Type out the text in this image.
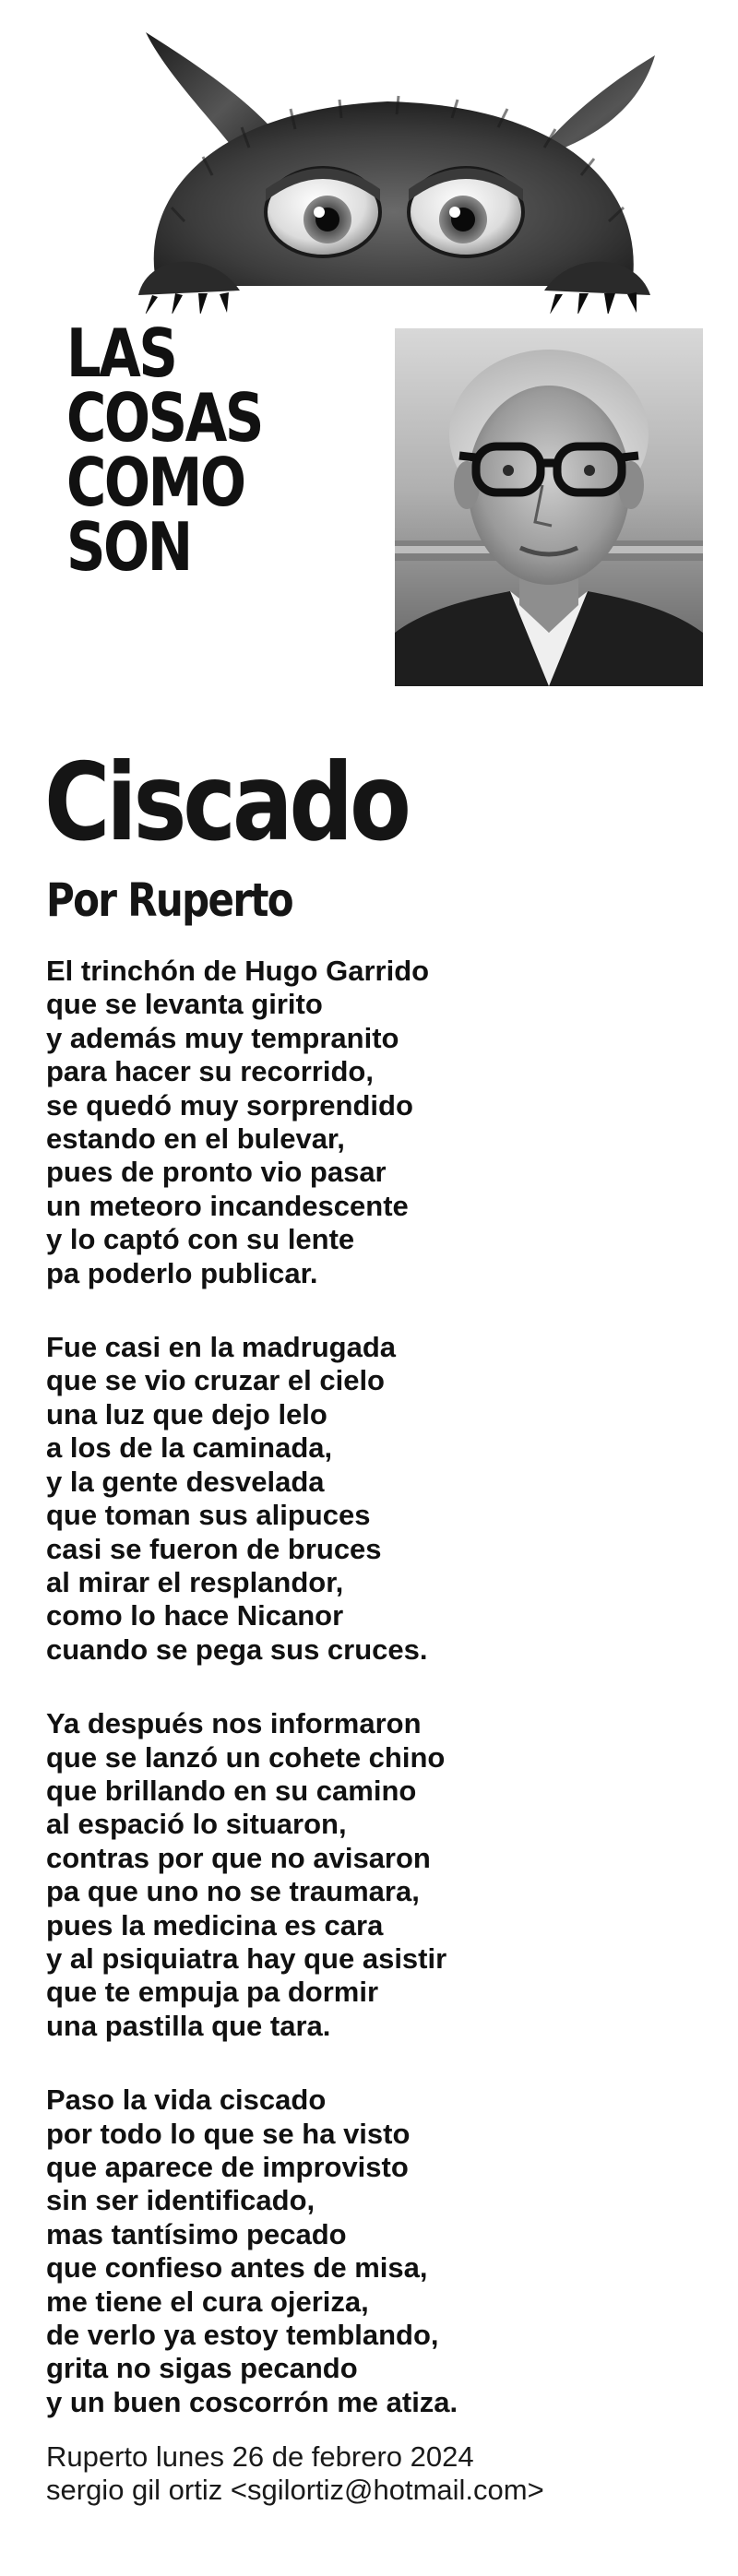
LAS
COSAS
COMO
SON
Ciscado
Por Ruperto

El trinchón de Hugo Garrido
que se levanta girito
y además muy tempranito
para hacer su recorrido,
se quedó muy sorprendido
estando en el bulevar,
pues de pronto vio pasar
un meteoro incandescente
y lo captó con su lente
pa poderlo publicar.

Fue casi en la madrugada
que se vio cruzar el cielo
una luz que dejo lelo
a los de la caminada,
y la gente desvelada
que toman sus alipuces
casi se fueron de bruces
al mirar el resplandor,
como lo hace Nicanor
cuando se pega sus cruces.

Ya después nos informaron
que se lanzó un cohete chino
que brillando en su camino
al espació lo situaron,
contras por que no avisaron
pa que uno no se traumara,
pues la medicina es cara
y al psiquiatra hay que asistir
que te empuja pa dormir
una pastilla que tara.

Paso la vida ciscado
por todo lo que se ha visto
que aparece de improvisto
sin ser identificado,
mas tantísimo pecado
que confieso antes de misa,
me tiene el cura ojeriza,
de verlo ya estoy temblando,
grita no sigas pecando
y un buen coscorrón me atiza.

Ruperto lunes 26 de febrero 2024
sergio gil ortiz <sgilortiz@hotmail.com>
